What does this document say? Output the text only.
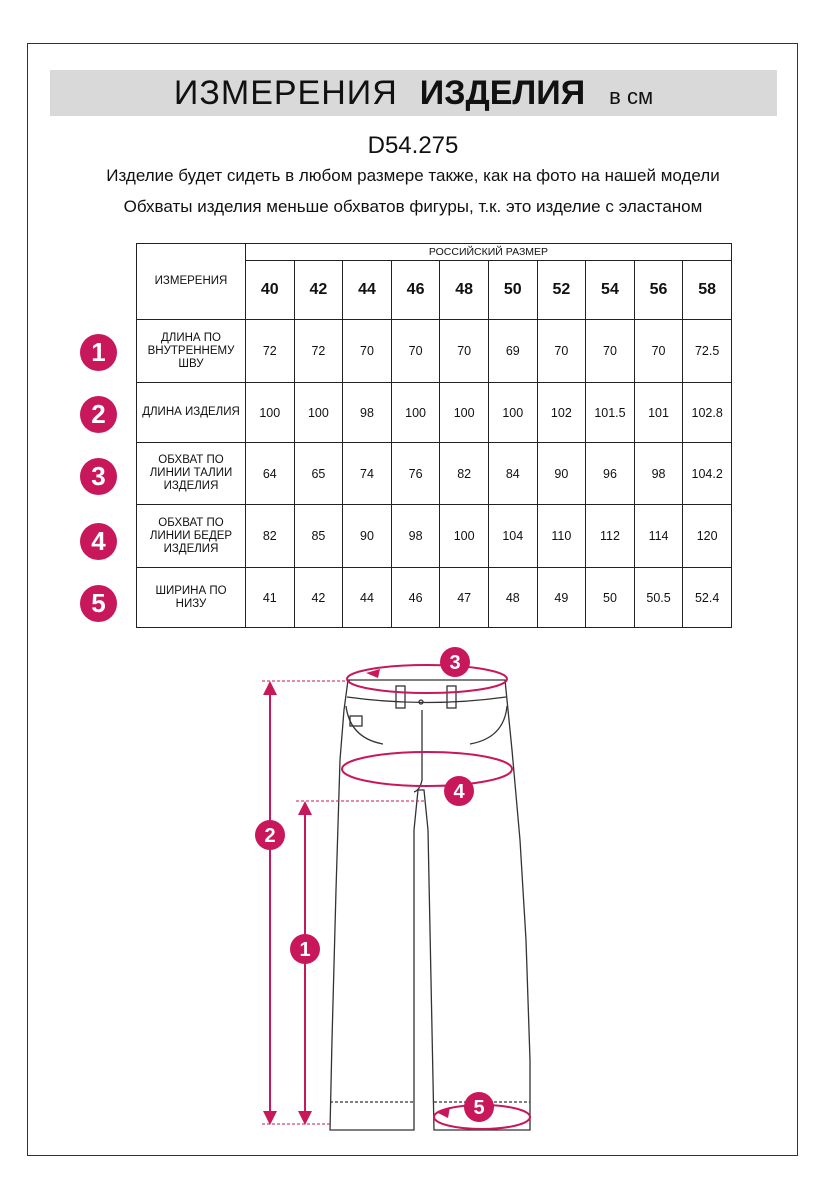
ИЗМЕРЕНИЯ ИЗДЕЛИЯ в см
D54.275
Изделие будет сидеть в любом размере также, как на фото на нашей модели
Обхваты изделия меньше обхватов фигуры, т.к. это изделие с эластаном
ИЗМЕРЕНИЯ	РОССИЙСКИЙ РАЗМЕР									
	40	42	44	46	48	50	52	54	56	58
ДЛИНА ПО
ВНУТРЕННЕМУ
ШВУ	72	72	70	70	70	69	70	70	70	72.5
ДЛИНА ИЗДЕЛИЯ	100	100	98	100	100	100	102	101.5	101	102.8
ОБХВАТ ПО
ЛИНИИ ТАЛИИ
ИЗДЕЛИЯ	64	65	74	76	82	84	90	96	98	104.2
ОБХВАТ ПО
ЛИНИИ БЕДЕР
ИЗДЕЛИЯ	82	85	90	98	100	104	110	112	114	120
ШИРИНА ПО
НИЗУ	41	42	44	46	47	48	49	50	50.5	52.4
1
2
3
4
5
3
4
2
1
5
